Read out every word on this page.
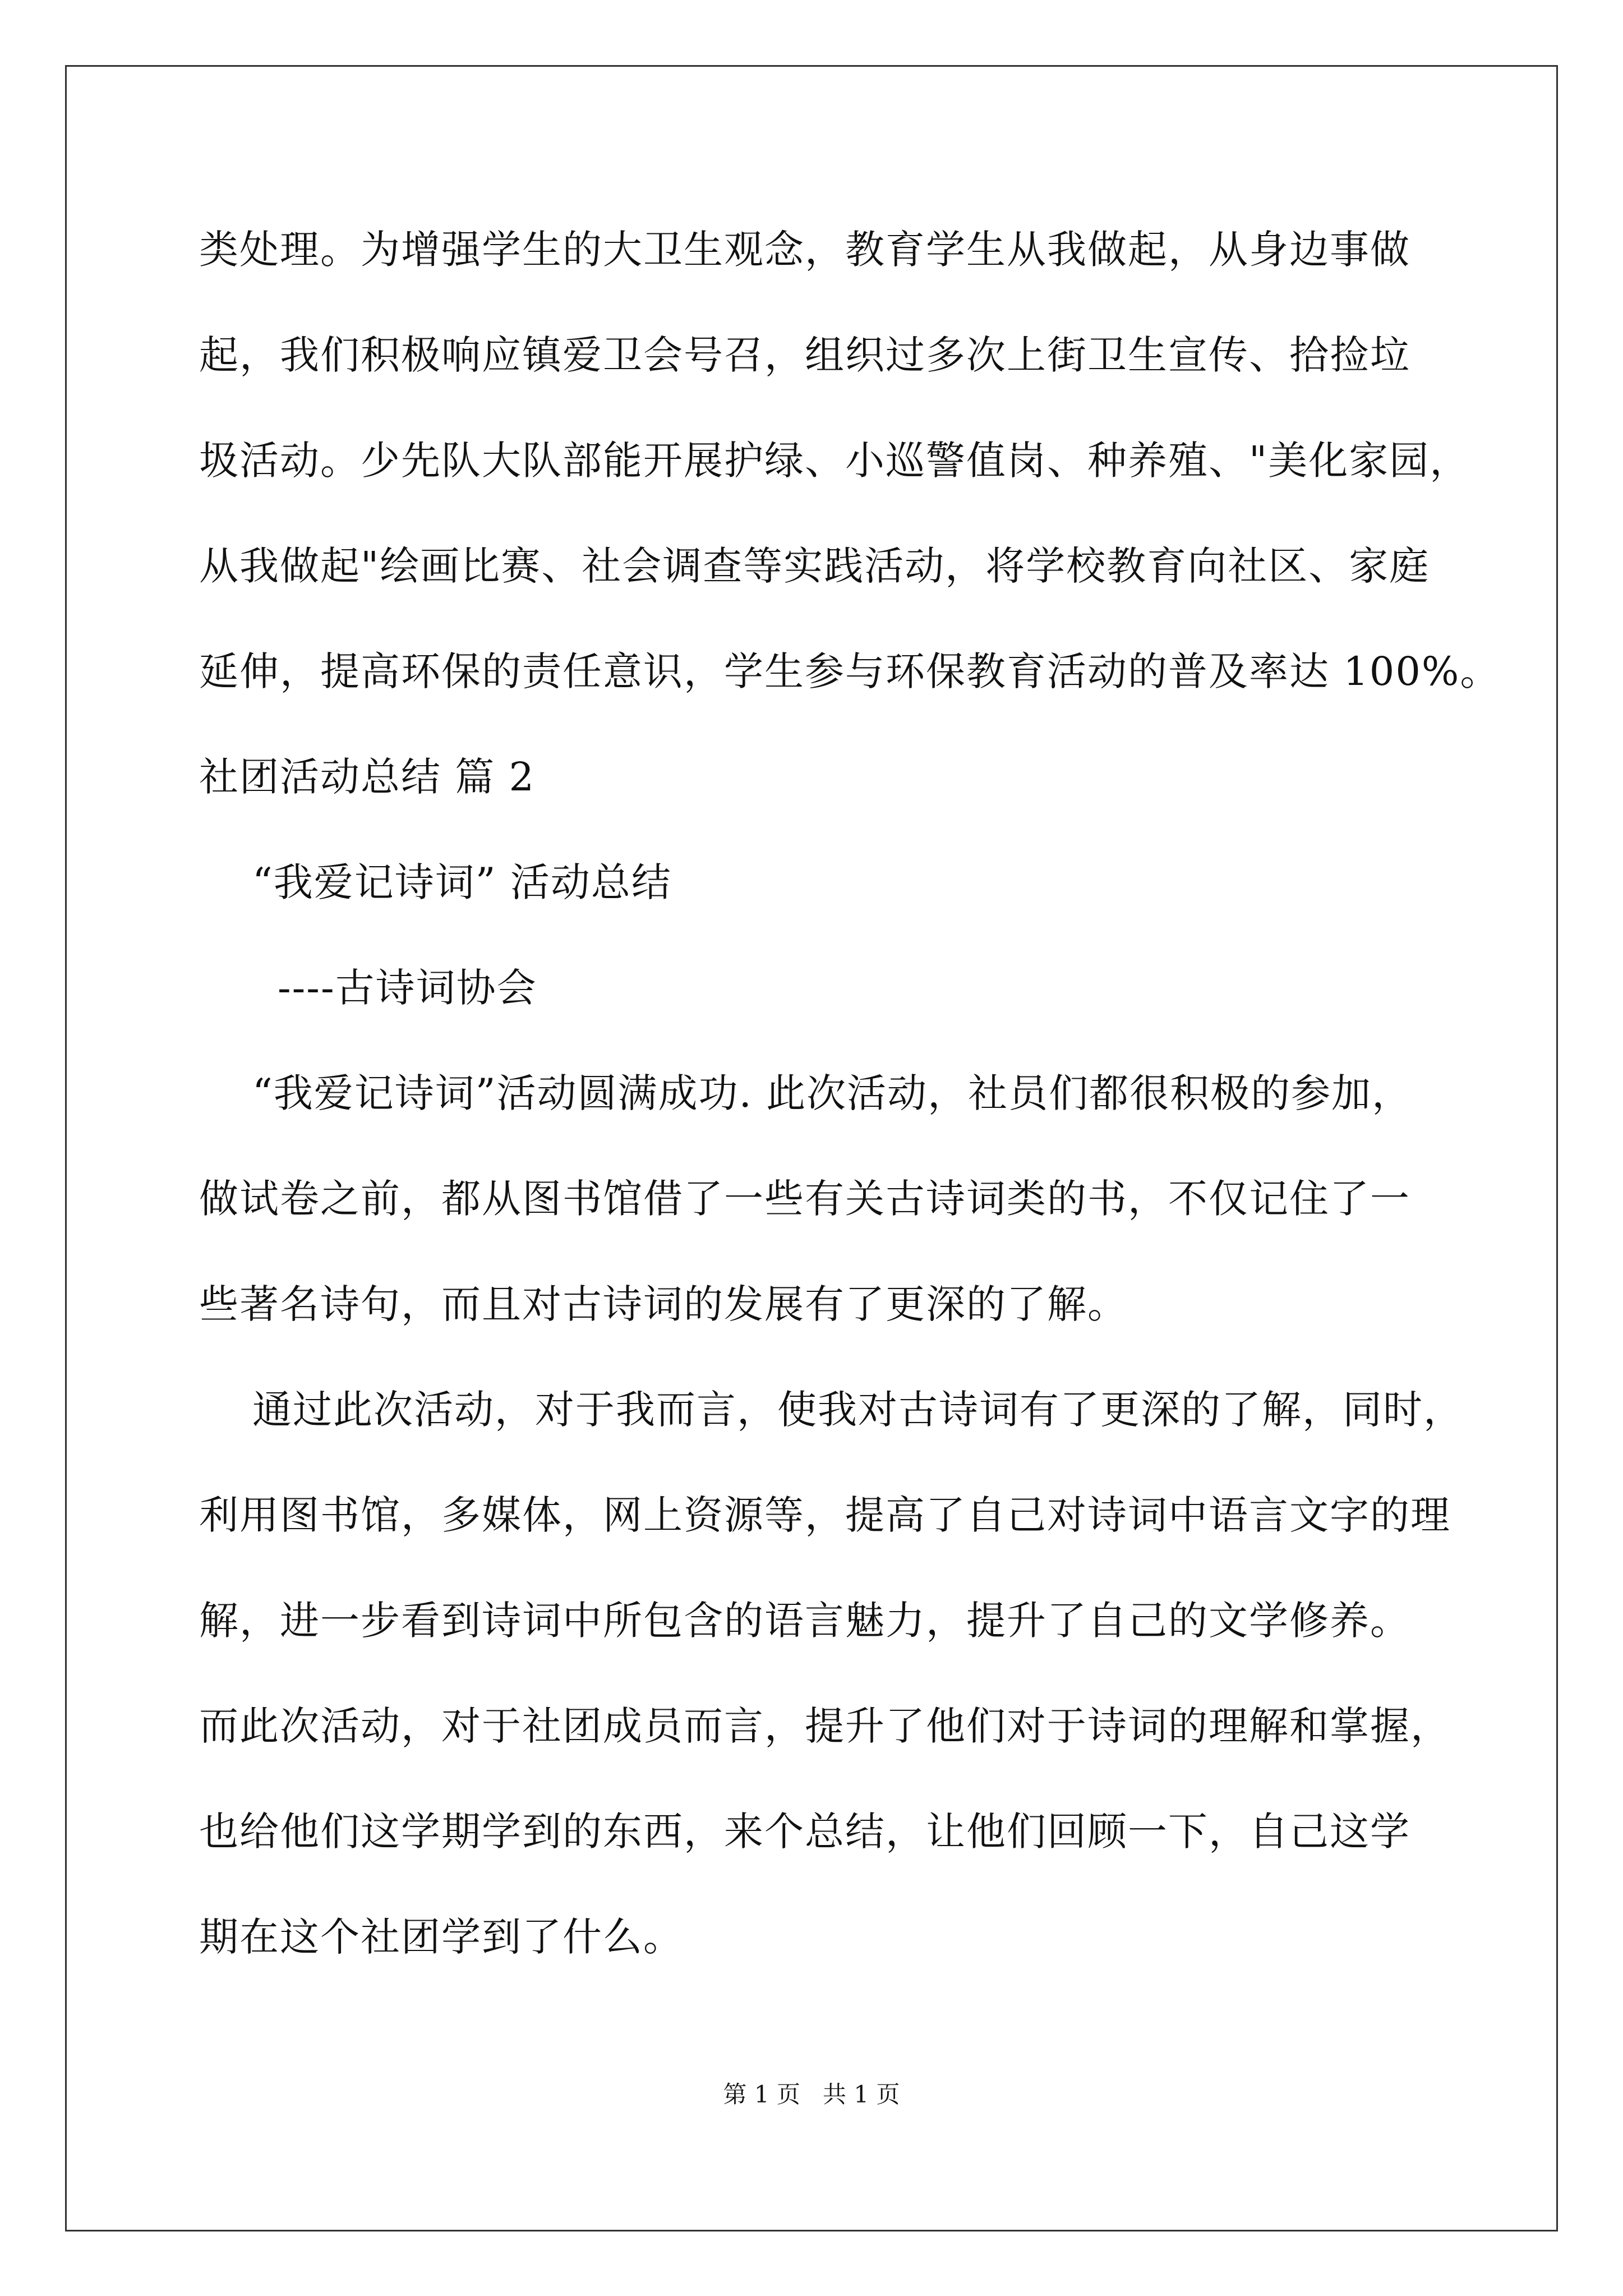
类处理。为增强学生的大卫生观念，教育学生从我做起，从身边事做

起，我们积极响应镇爱卫会号召，组织过多次上街卫生宣传、拾捡垃

圾活动。少先队大队部能开展护绿、小巡警值岗、种养殖、"美化家园，

从我做起"绘画比赛、社会调查等实践活动，将学校教育向社区、家庭

延伸，提高环保的责任意识，学生参与环保教育活动的普及率达 100%。

社团活动总结 篇 2

“我爱记诗词” 活动总结

----古诗词协会

“我爱记诗词”活动圆满成功. 此次活动，社员们都很积极的参加，

做试卷之前，都从图书馆借了一些有关古诗词类的书，不仅记住了一

些著名诗句，而且对古诗词的发展有了更深的了解。

通过此次活动，对于我而言，使我对古诗词有了更深的了解，同时，

利用图书馆，多媒体，网上资源等，提高了自己对诗词中语言文字的理

解，进一步看到诗词中所包含的语言魅力，提升了自己的文学修养。

而此次活动，对于社团成员而言，提升了他们对于诗词的理解和掌握，

也给他们这学期学到的东西，来个总结，让他们回顾一下，自己这学

期在这个社团学到了什么。

第 1 页   共 1 页
